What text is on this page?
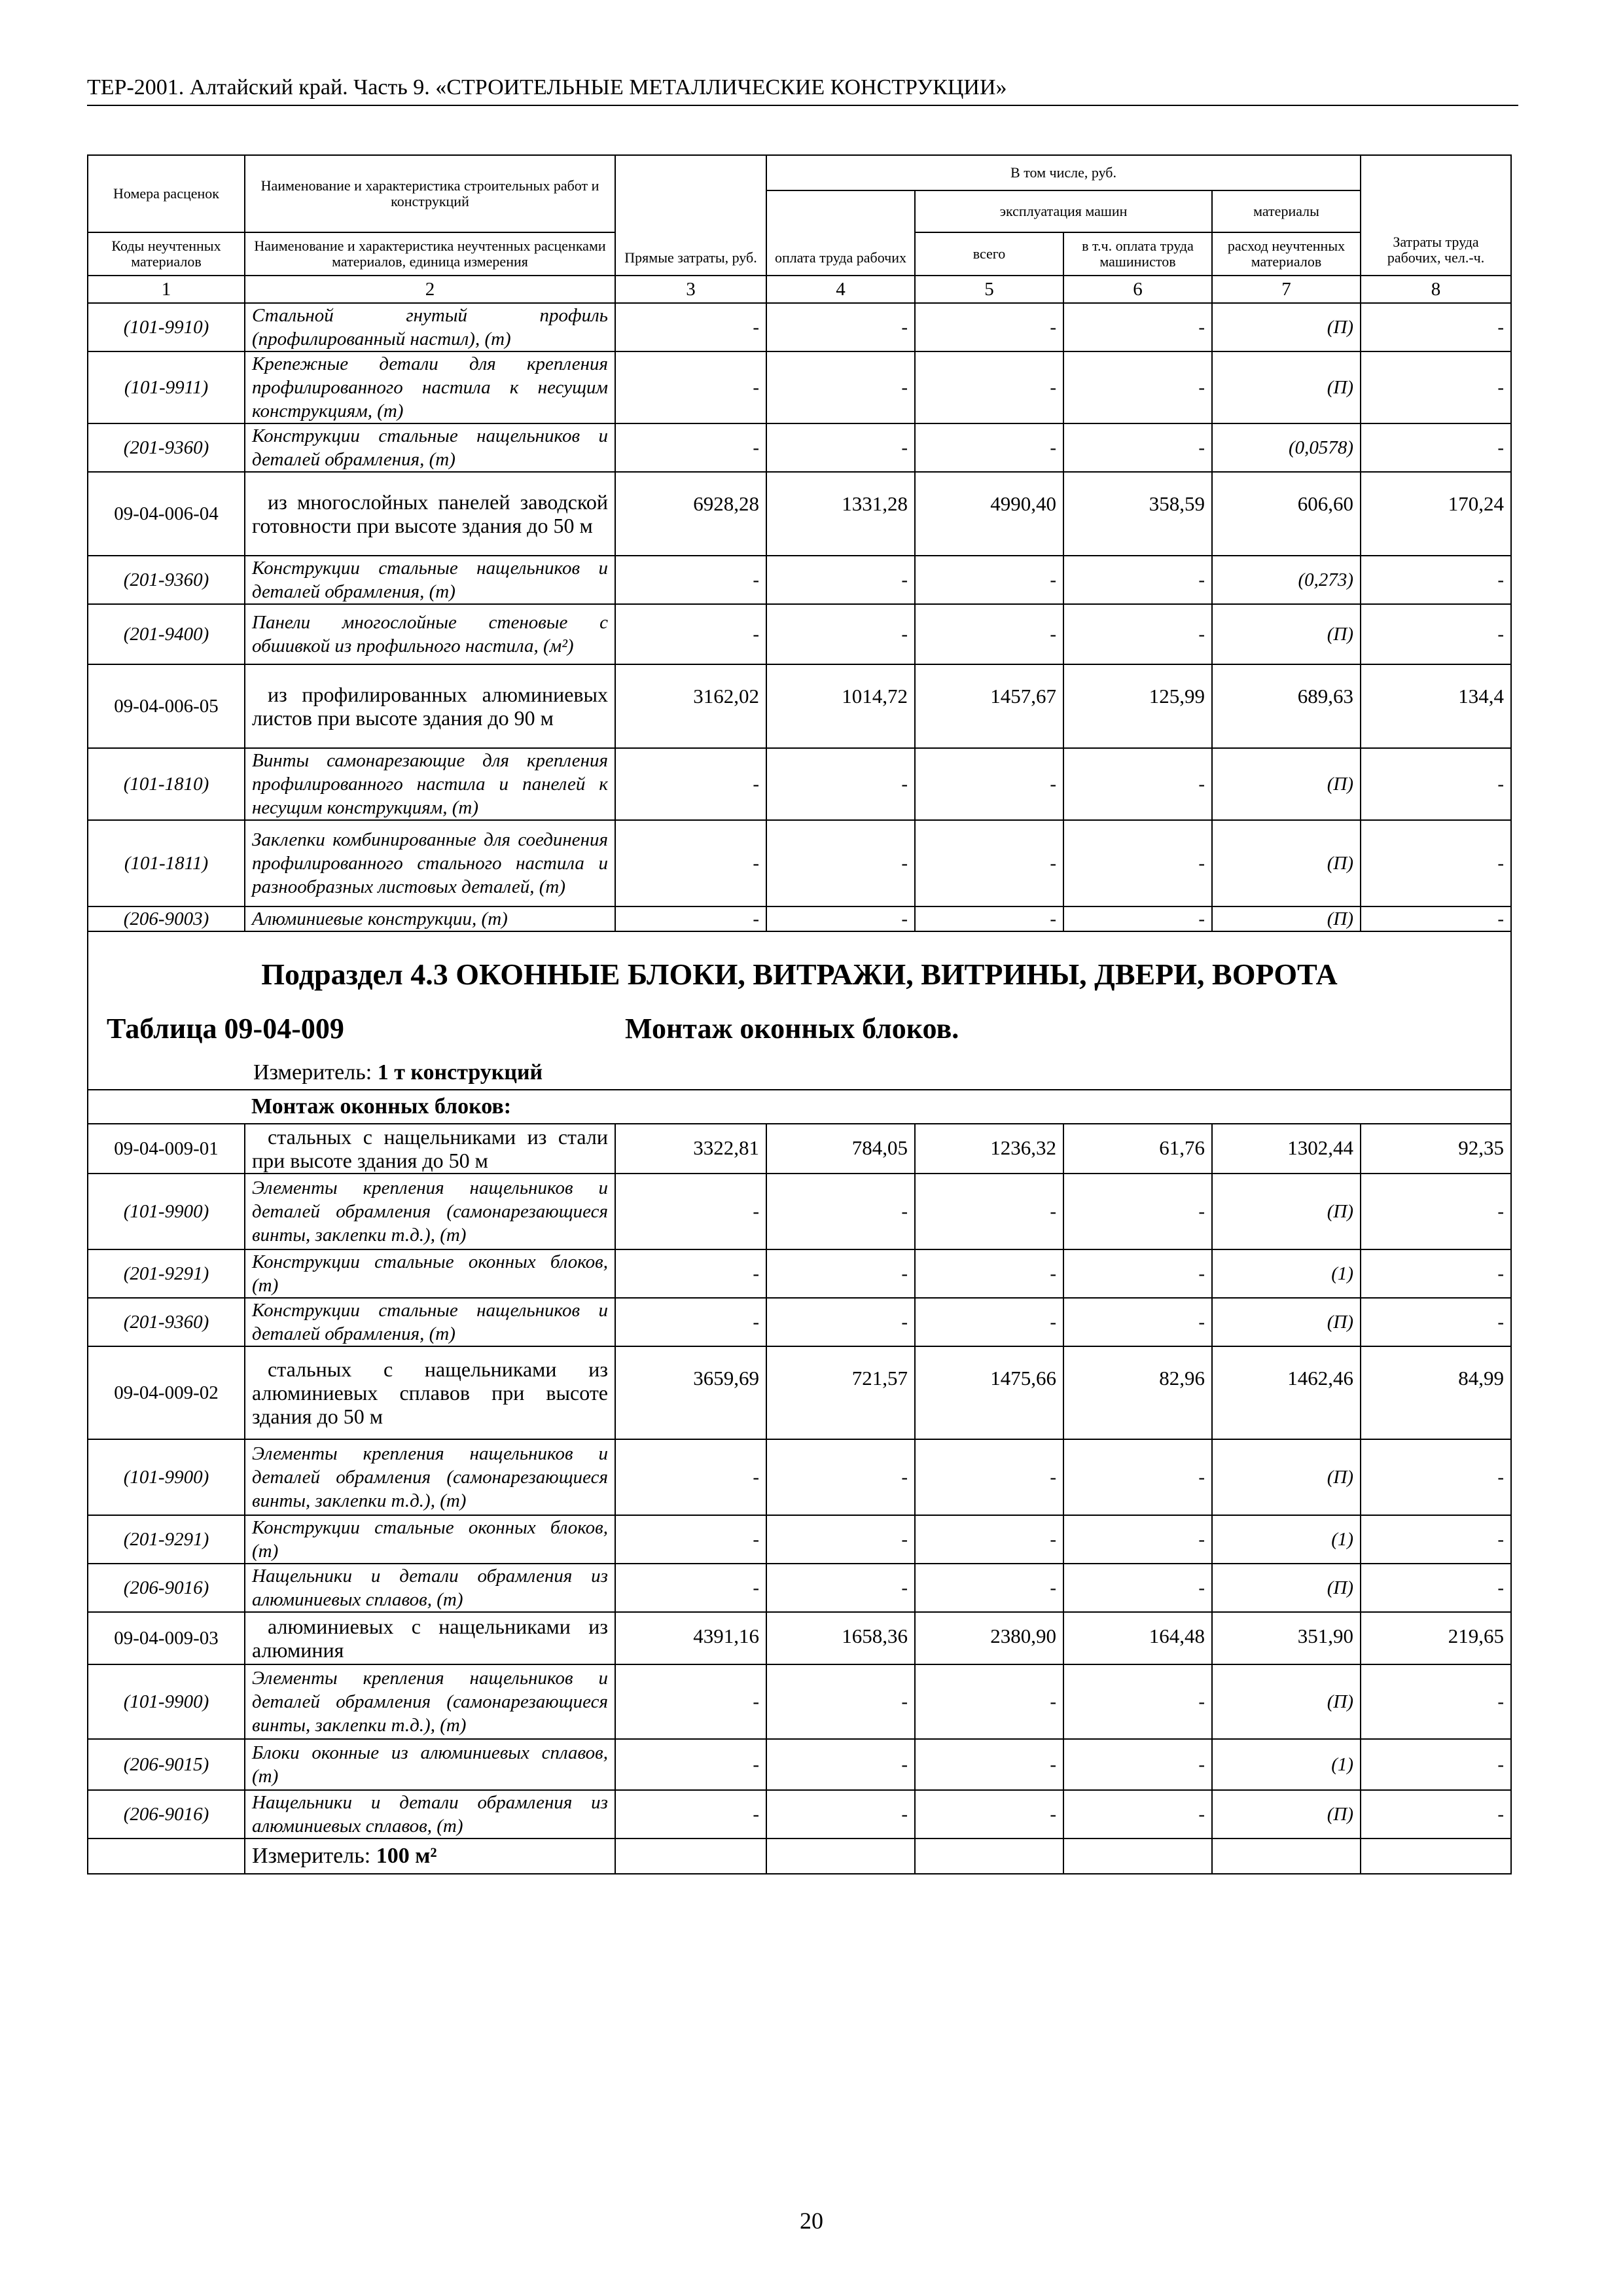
ТЕР-2001. Алтайский край. Часть 9. «СТРОИТЕЛЬНЫЕ МЕТАЛЛИЧЕСКИЕ КОНСТРУКЦИИ»
Номера расценок	Наименование и характеристика строительных работ и конструкций	Прямые затраты, руб.	В том числе, руб.				Затраты труда рабочих, чел.-ч.
			оплата труда рабочих	эксплуатация машин		материалы	

Коды неучтенных материалов	Наименование и характеристика неучтенных расценками материалов, единица измерения			всего	в т.ч. оплата труда машинистов	расход неучтенных материалов	

1	2	3	4	5	6	7	8
(101-9910)	Стальной гнутый профиль (профилированный настил), (т)	-	-	-	-	(П)	-
(101-9911)	Крепежные детали для крепления профилированного настила к несущим конструкциям, (т)	-	-	-	-	(П)	-
(201-9360)	Конструкции стальные нащельников и деталей обрамления, (т)	-	-	-	-	(0,0578)	-
09-04-006-04	из многослойных панелей заводской готовности при высоте здания до 50 м	6928,28	1331,28	4990,40	358,59	606,60	170,24
(201-9360)	Конструкции стальные нащельников и деталей обрамления, (т)	-	-	-	-	(0,273)	-
(201-9400)	Панели многослойные стеновые с обшивкой из профильного настила, (м²)	-	-	-	-	(П)	-
09-04-006-05	из профилированных алюминиевых листов при высоте здания до 90 м	3162,02	1014,72	1457,67	125,99	689,63	134,4
(101-1810)	Винты самонарезающие для крепления профилированного настила и панелей к несущим конструкциям, (т)	-	-	-	-	(П)	-
(101-1811)	Заклепки комбинированные для соединения профилированного стального настила и разнообразных листовых деталей, (т)	-	-	-	-	(П)	-
(206-9003)	Алюминиевые конструкции, (т)	-	-	-	-	(П)	-

Подраздел 4.3 ОКОННЫЕ БЛОКИ, ВИТРАЖИ, ВИТРИНЫ, ДВЕРИ, ВОРОТА
Таблица 09-04-009 Монтаж оконных блоков.
Измеритель: 1 т конструкций							

	Монтаж оконных блоков:						
09-04-009-01	стальных с нащельниками из стали при высоте здания до 50 м	3322,81	784,05	1236,32	61,76	1302,44	92,35
(101-9900)	Элементы крепления нащельников и деталей обрамления (самонарезающиеся винты, заклепки т.д.), (т)	-	-	-	-	(П)	-
(201-9291)	Конструкции стальные оконных блоков, (т)	-	-	-	-	(1)	-
(201-9360)	Конструкции стальные нащельников и деталей обрамления, (т)	-	-	-	-	(П)	-
09-04-009-02	стальных с нащельниками из алюминиевых сплавов при высоте здания до 50 м	3659,69	721,57	1475,66	82,96	1462,46	84,99
(101-9900)	Элементы крепления нащельников и деталей обрамления (самонарезающиеся винты, заклепки т.д.), (т)	-	-	-	-	(П)	-
(201-9291)	Конструкции стальные оконных блоков, (т)	-	-	-	-	(1)	-
(206-9016)	Нащельники и детали обрамления из алюминиевых сплавов, (т)	-	-	-	-	(П)	-
09-04-009-03	алюминиевых с нащельниками из алюминия	4391,16	1658,36	2380,90	164,48	351,90	219,65
(101-9900)	Элементы крепления нащельников и деталей обрамления (самонарезающиеся винты, заклепки т.д.), (т)	-	-	-	-	(П)	-
(206-9015)	Блоки оконные из алюминиевых сплавов, (т)	-	-	-	-	(1)	-
(206-9016)	Нащельники и детали обрамления из алюминиевых сплавов, (т)	-	-	-	-	(П)	-
	Измеритель: 100 м²						
20
